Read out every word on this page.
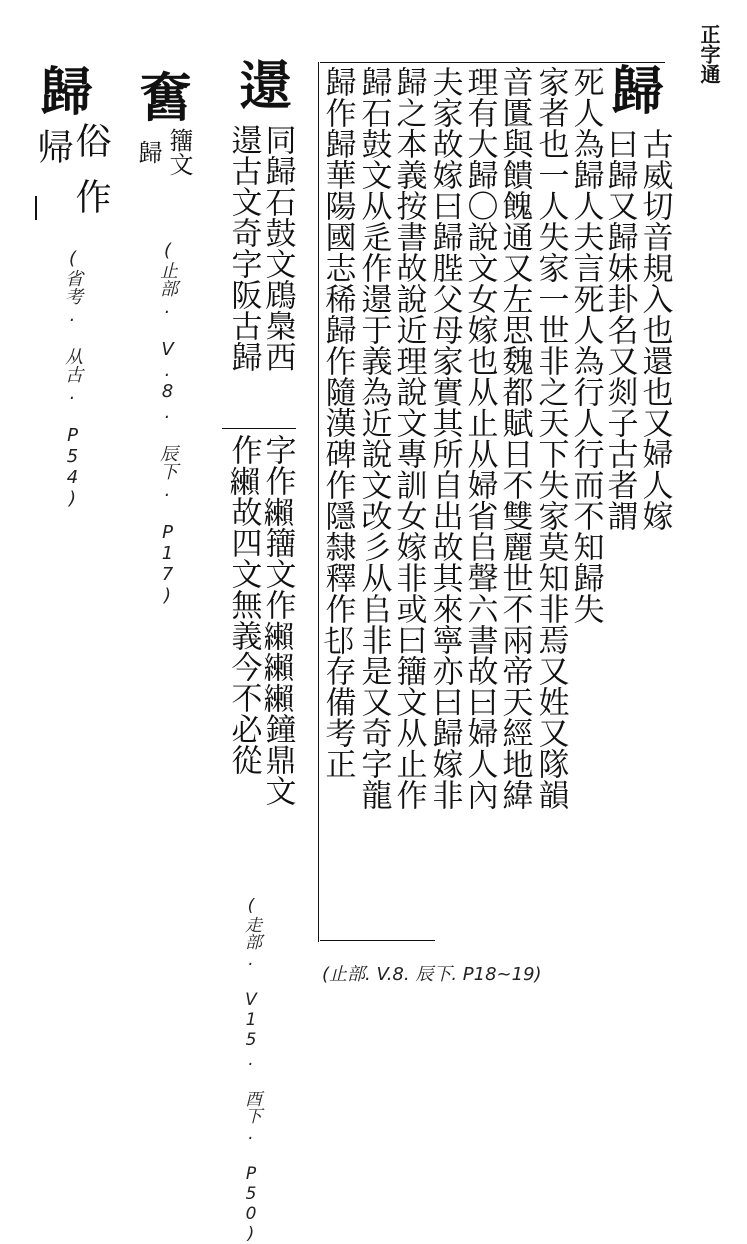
正字通
歸
古威切音規入也還也又婦人嫁
曰歸又歸妹卦名又剡子古者謂
死人為歸人夫言死人為行人行而不知歸失
家者也一人失家一世非之天下失家莫知非焉又姓又隊韻
音匱與饋餽通又左思魏都賦日不雙麗世不兩帝天經地緯
理有大歸〇說文女嫁也从止从婦省𠂤聲六書故曰婦人內
夫家故嫁曰歸䏶父母家實其所自出故其來寧亦曰歸嫁非
歸之本義按書故說近理說文專訓女嫁非或曰籒文从止作
歸石鼓文从辵作𨗈于義為近說文改彡从𠂤非是又奇字龍
歸作歸華陽國志稀歸作隨漢碑作隱隸釋作𨙲存備考正
(止部. V.8. 辰下. P18~19)
𨗈
同歸石鼓文䲿䲷西
𨗈古文奇字阪古歸
字作𦇛籒文作𦇛𦇛𦇛鐘鼎文
作𦇛故四文無義今不必從
(走部. V15. 酉下. P50)
𡚒
籒文
歸
(止部. V.8. 辰下. P17)
歸
俗
作
帰
(省考. 从古. P54)
